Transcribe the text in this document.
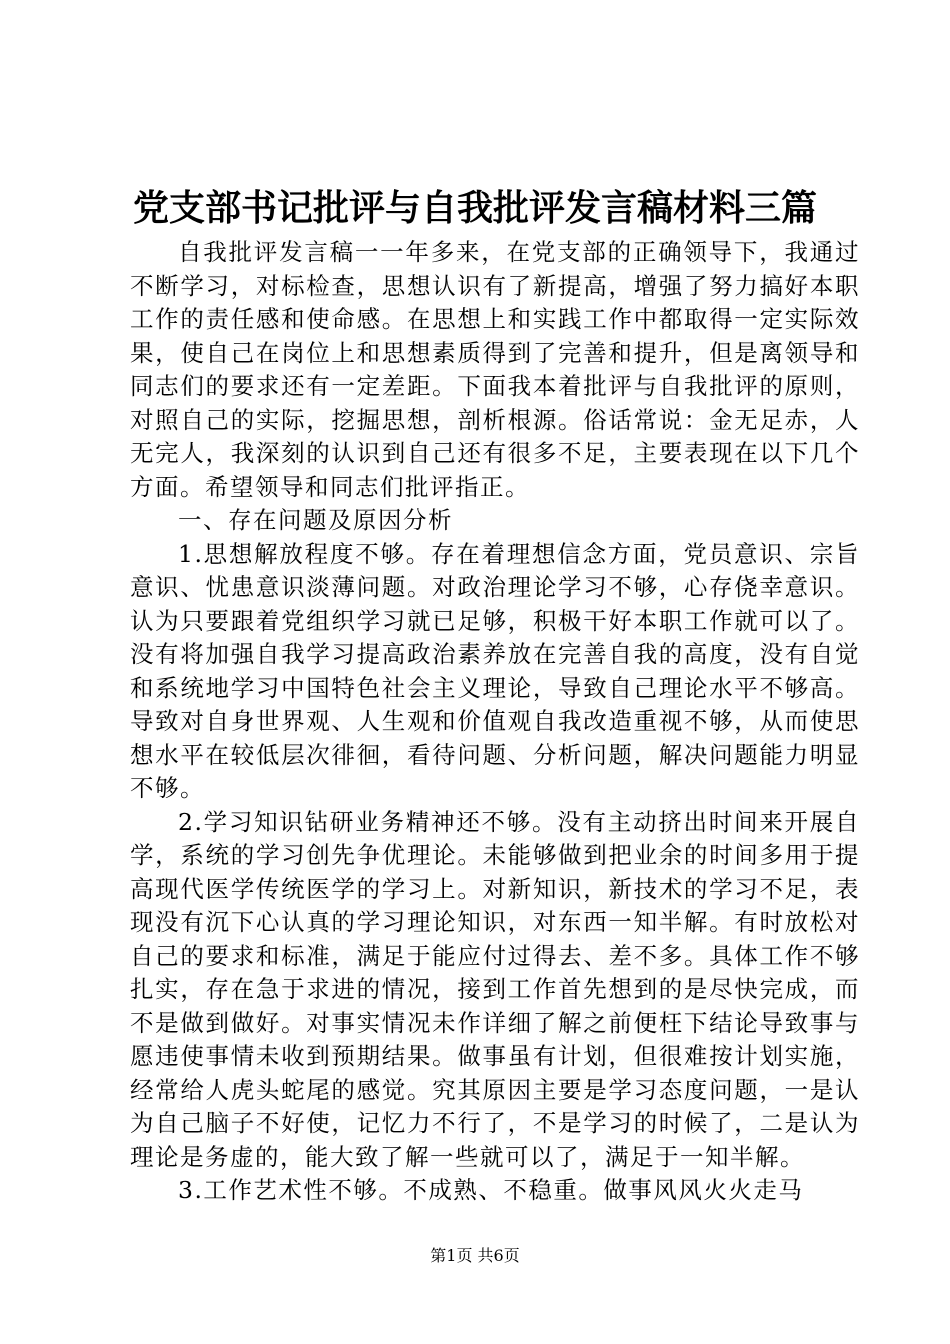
党支部书记批评与自我批评发言稿材料三篇

自我批评发言稿一一年多来，在党支部的正确领导下，我通过不断学习，对标检查，思想认识有了新提高，增强了努力搞好本职工作的责任感和使命感。在思想上和实践工作中都取得一定实际效果，使自己在岗位上和思想素质得到了完善和提升，但是离领导和同志们的要求还有一定差距。下面我本着批评与自我批评的原则，对照自己的实际，挖掘思想，剖析根源。俗话常说：金无足赤，人无完人，我深刻的认识到自己还有很多不足，主要表现在以下几个方面。希望领导和同志们批评指正。

一、存在问题及原因分析

1.思想解放程度不够。存在着理想信念方面，党员意识、宗旨意识、忧患意识淡薄问题。对政治理论学习不够，心存侥幸意识。认为只要跟着党组织学习就已足够，积极干好本职工作就可以了。没有将加强自我学习提高政治素养放在完善自我的高度，没有自觉和系统地学习中国特色社会主义理论，导致自己理论水平不够高。导致对自身世界观、人生观和价值观自我改造重视不够，从而使思想水平在较低层次徘徊，看待问题、分析问题，解决问题能力明显不够。

2.学习知识钻研业务精神还不够。没有主动挤出时间来开展自学，系统的学习创先争优理论。未能够做到把业余的时间多用于提高现代医学传统医学的学习上。对新知识，新技术的学习不足，表现没有沉下心认真的学习理论知识，对东西一知半解。有时放松对自己的要求和标准，满足于能应付过得去、差不多。具体工作不够扎实，存在急于求进的情况，接到工作首先想到的是尽快完成，而不是做到做好。对事实情况未作详细了解之前便枉下结论导致事与愿违使事情未收到预期结果。做事虽有计划，但很难按计划实施，经常给人虎头蛇尾的感觉。究其原因主要是学习态度问题，一是认为自己脑子不好使，记忆力不行了，不是学习的时候了，二是认为理论是务虚的，能大致了解一些就可以了，满足于一知半解。

3.工作艺术性不够。不成熟、不稳重。做事风风火火走马

第1页 共6页
